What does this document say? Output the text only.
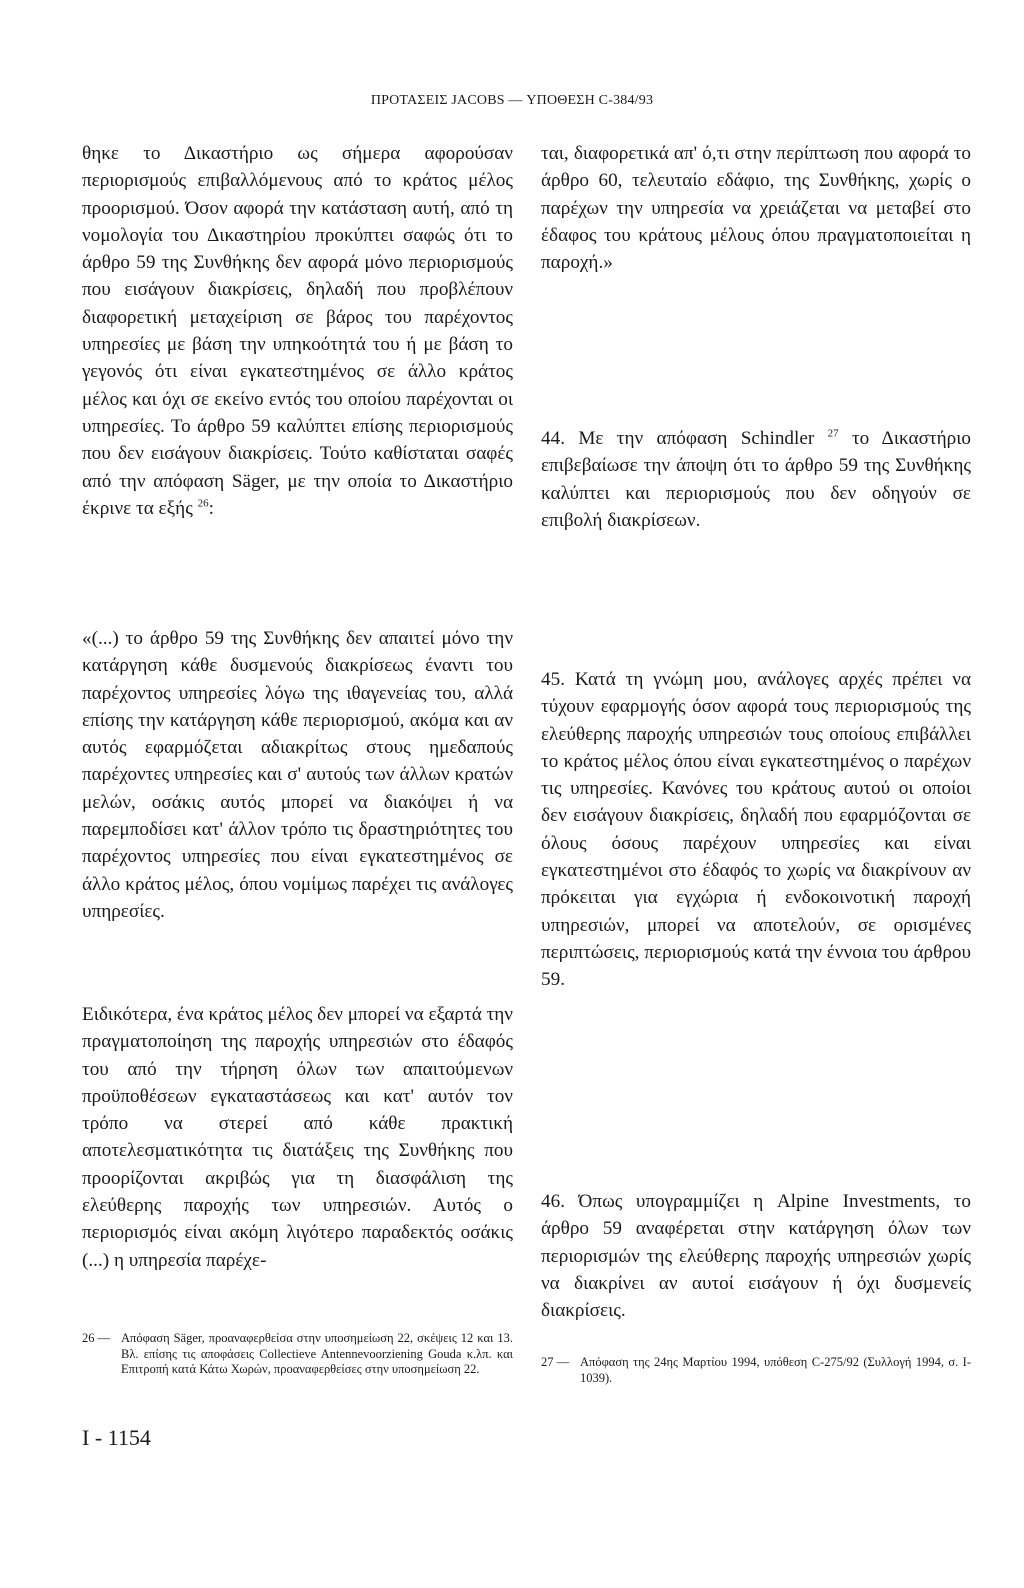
ΠΡΟΤΑΣΕΙΣ JACOBS — ΥΠΟΘΕΣΗ C-384/93

θηκε το Δικαστήριο ως σήμερα αφορούσαν περιορισμούς επιβαλλόμενους από το κράτος μέλος προορισμού. Όσον αφορά την κατάσταση αυτή, από τη νομολογία του Δικαστηρίου προκύπτει σαφώς ότι το άρθρο 59 της Συνθήκης δεν αφορά μόνο περιορισμούς που εισάγουν διακρίσεις, δηλαδή που προβλέπουν διαφορετική μεταχείριση σε βάρος του παρέχοντος υπηρεσίες με βάση την υπηκοότητά του ή με βάση το γεγονός ότι είναι εγκατεστημένος σε άλλο κράτος μέλος και όχι σε εκείνο εντός του οποίου παρέχονται οι υπηρεσίες. Το άρθρο 59 καλύπτει επίσης περιορισμούς που δεν εισάγουν διακρίσεις. Τούτο καθίσταται σαφές από την απόφαση Säger, με την οποία το Δικαστήριο έκρινε τα εξής $^{26}$:

«(...) το άρθρο 59 της Συνθήκης δεν απαιτεί μόνο την κατάργηση κάθε δυσμενούς διακρίσεως έναντι του παρέχοντος υπηρεσίες λόγω της ιθαγενείας του, αλλά επίσης την κατάργηση κάθε περιορισμού, ακόμα και αν αυτός εφαρμόζεται αδιακρίτως στους ημεδαπούς παρέχοντες υπηρεσίες και σ' αυτούς των άλλων κρατών μελών, οσάκις αυτός μπορεί να διακόψει ή να παρεμποδίσει κατ' άλλον τρόπο τις δραστηριότητες του παρέχοντος υπηρεσίες που είναι εγκατεστημένος σε άλλο κράτος μέλος, όπου νομίμως παρέχει τις ανάλογες υπηρεσίες.

Ειδικότερα, ένα κράτος μέλος δεν μπορεί να εξαρτά την πραγματοποίηση της παροχής υπηρεσιών στο έδαφός του από την τήρηση όλων των απαιτούμενων προϋποθέσεων εγκαταστάσεως και κατ' αυτόν τον τρόπο να στερεί από κάθε πρακτική αποτελεσματικότητα τις διατάξεις της Συνθήκης που προορίζονται ακριβώς για τη διασφάλιση της ελεύθερης παροχής των υπηρεσιών. Αυτός ο περιορισμός είναι ακόμη λιγότερο παραδεκτός οσάκις (...) η υπηρεσία παρέχε-

26 — Απόφαση Säger, προαναφερθείσα στην υποσημείωση 22, σκέψεις 12 και 13. Βλ. επίσης τις αποφάσεις Collectieve Antennevoorziening Gouda κ.λπ. και Επιτροπή κατά Κάτω Χωρών, προαναφερθείσες στην υποσημείωση 22.

ται, διαφορετικά απ' ό,τι στην περίπτωση που αφορά το άρθρο 60, τελευταίο εδάφιο, της Συνθήκης, χωρίς ο παρέχων την υπηρεσία να χρειάζεται να μεταβεί στο έδαφος του κράτους μέλους όπου πραγματοποιείται η παροχή.»

44. Με την απόφαση Schindler $^{27}$ το Δικαστήριο επιβεβαίωσε την άποψη ότι το άρθρο 59 της Συνθήκης καλύπτει και περιορισμούς που δεν οδηγούν σε επιβολή διακρίσεων.

45. Κατά τη γνώμη μου, ανάλογες αρχές πρέπει να τύχουν εφαρμογής όσον αφορά τους περιορισμούς της ελεύθερης παροχής υπηρεσιών τους οποίους επιβάλλει το κράτος μέλος όπου είναι εγκατεστημένος ο παρέχων τις υπηρεσίες. Κανόνες του κράτους αυτού οι οποίοι δεν εισάγουν διακρίσεις, δηλαδή που εφαρμόζονται σε όλους όσους παρέχουν υπηρεσίες και είναι εγκατεστημένοι στο έδαφός το χωρίς να διακρίνουν αν πρόκειται για εγχώρια ή ενδοκοινοτική παροχή υπηρεσιών, μπορεί να αποτελούν, σε ορισμένες περιπτώσεις, περιορισμούς κατά την έννοια του άρθρου 59.

46. Όπως υπογραμμίζει η Alpine Investments, το άρθρο 59 αναφέρεται στην κατάργηση όλων των περιορισμών της ελεύθερης παροχής υπηρεσιών χωρίς να διακρίνει αν αυτοί εισάγουν ή όχι δυσμενείς διακρίσεις.

27 — Απόφαση της 24ης Μαρτίου 1994, υπόθεση C-275/92 (Συλλογή 1994, σ. I-1039).
I - 1154
